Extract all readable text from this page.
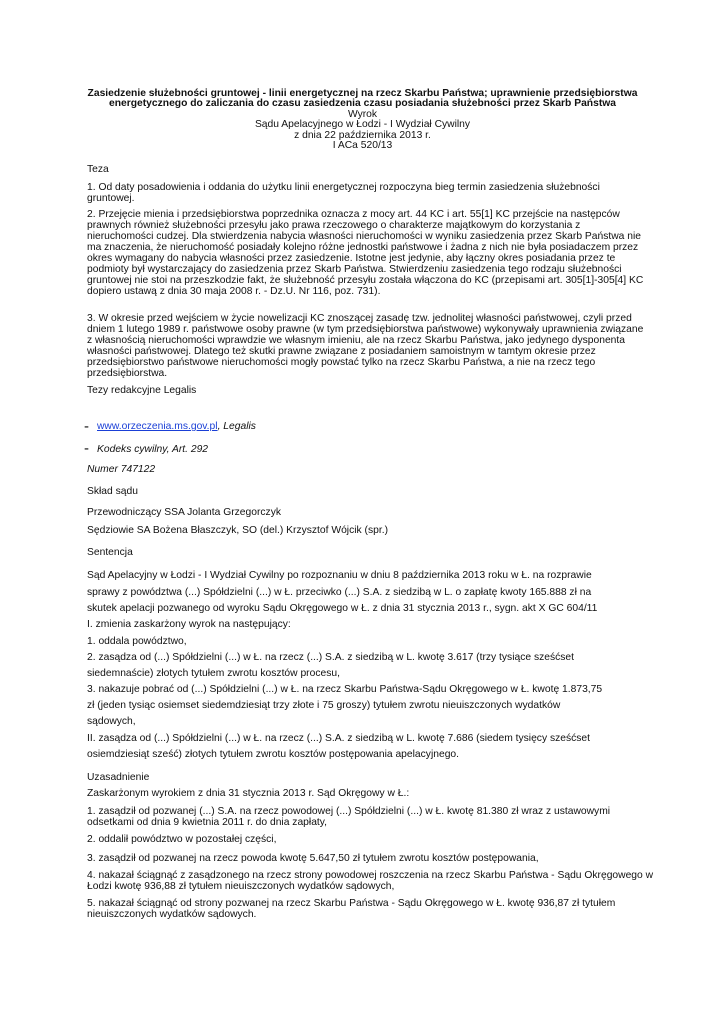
Zasiedzenie służebności gruntowej - linii energetycznej na rzecz Skarbu Państwa; uprawnienie przedsiębiorstwa
energetycznego do zaliczania do czasu zasiedzenia czasu posiadania służebności przez Skarb Państwa
Wyrok
Sądu Apelacyjnego w Łodzi - I Wydział Cywilny
z dnia 22 października 2013 r.
I ACa 520/13
Teza
1. Od daty posadowienia i oddania do użytku linii energetycznej rozpoczyna bieg termin zasiedzenia służebności gruntowej.
2. Przejęcie mienia i przedsiębiorstwa poprzednika oznacza z mocy art. 44 KC i art. 55[1] KC przejście na następców prawnych również służebności przesyłu jako prawa rzeczowego o charakterze majątkowym do korzystania z nieruchomości cudzej. Dla stwierdzenia nabycia własności nieruchomości w wyniku zasiedzenia przez Skarb Państwa nie ma znaczenia, że nieruchomość posiadały kolejno różne jednostki państwowe i żadna z nich nie była posiadaczem przez okres wymagany do nabycia własności przez zasiedzenie. Istotne jest jedynie, aby łączny okres posiadania przez te podmioty był wystarczający do zasiedzenia przez Skarb Państwa. Stwierdzeniu zasiedzenia tego rodzaju służebności gruntowej nie stoi na przeszkodzie fakt, że służebność przesyłu została włączona do KC (przepisami art. 305[1]-305[4] KC dopiero ustawą z dnia 30 maja 2008 r. - Dz.U. Nr 116, poz. 731).
3. W okresie przed wejściem w życie nowelizacji KC znoszącej zasadę tzw. jednolitej własności państwowej, czyli przed dniem 1 lutego 1989 r. państwowe osoby prawne (w tym przedsiębiorstwa państwowe) wykonywały uprawnienia związane z własnością nieruchomości wprawdzie we własnym imieniu, ale na rzecz Skarbu Państwa, jako jedynego dysponenta własności państwowej. Dlatego też skutki prawne związane z posiadaniem samoistnym w tamtym okresie przez przedsiębiorstwo państwowe nieruchomości mogły powstać tylko na rzecz Skarbu Państwa, a nie na rzecz tego przedsiębiorstwa.
Tezy redakcyjne Legalis
- www.orzeczenia.ms.gov.pl, Legalis
- Kodeks cywilny, Art. 292
Numer 747122
Skład sądu
Przewodniczący SSA Jolanta Grzegorczyk
Sędziowie SA Bożena Błaszczyk, SO (del.) Krzysztof Wójcik (spr.)
Sentencja
Sąd Apelacyjny w Łodzi - I Wydział Cywilny po rozpoznaniu w dniu 8 października 2013 roku w Ł. na rozprawie
sprawy z powództwa (...) Spółdzielni (...) w Ł. przeciwko (...) S.A. z siedzibą w L. o zapłatę kwoty 165.888 zł na
skutek apelacji pozwanego od wyroku Sądu Okręgowego w Ł. z dnia 31 stycznia 2013 r., sygn. akt X GC 604/11
I. zmienia zaskarżony wyrok na następujący:
1. oddala powództwo,
2. zasądza od (...) Spółdzielni (...) w Ł. na rzecz (...) S.A. z siedzibą w L. kwotę 3.617 (trzy tysiące sześćset
siedemnaście) złotych tytułem zwrotu kosztów procesu,
3. nakazuje pobrać od (...) Spółdzielni (...) w Ł. na rzecz Skarbu Państwa-Sądu Okręgowego w Ł. kwotę 1.873,75
zł (jeden tysiąc osiemset siedemdziesiąt trzy złote i 75 groszy) tytułem zwrotu nieuiszczonych wydatków
sądowych,
II. zasądza od (...) Spółdzielni (...) w Ł. na rzecz (...) S.A. z siedzibą w L. kwotę 7.686 (siedem tysięcy sześćset
osiemdziesiąt sześć) złotych tytułem zwrotu kosztów postępowania apelacyjnego.
Uzasadnienie
Zaskarżonym wyrokiem z dnia 31 stycznia 2013 r. Sąd Okręgowy w Ł.:
1. zasądził od pozwanej (...) S.A. na rzecz powodowej (...) Spółdzielni (...) w Ł. kwotę 81.380 zł wraz z ustawowymi odsetkami od dnia 9 kwietnia 2011 r. do dnia zapłaty,
2. oddalił powództwo w pozostałej części,
3. zasądził od pozwanej na rzecz powoda kwotę 5.647,50 zł tytułem zwrotu kosztów postępowania,
4. nakazał ściągnąć z zasądzonego na rzecz strony powodowej roszczenia na rzecz Skarbu Państwa - Sądu Okręgowego w Łodzi kwotę 936,88 zł tytułem nieuiszczonych wydatków sądowych,
5. nakazał ściągnąć od strony pozwanej na rzecz Skarbu Państwa - Sądu Okręgowego w Ł. kwotę 936,87 zł tytułem nieuiszczonych wydatków sądowych.
